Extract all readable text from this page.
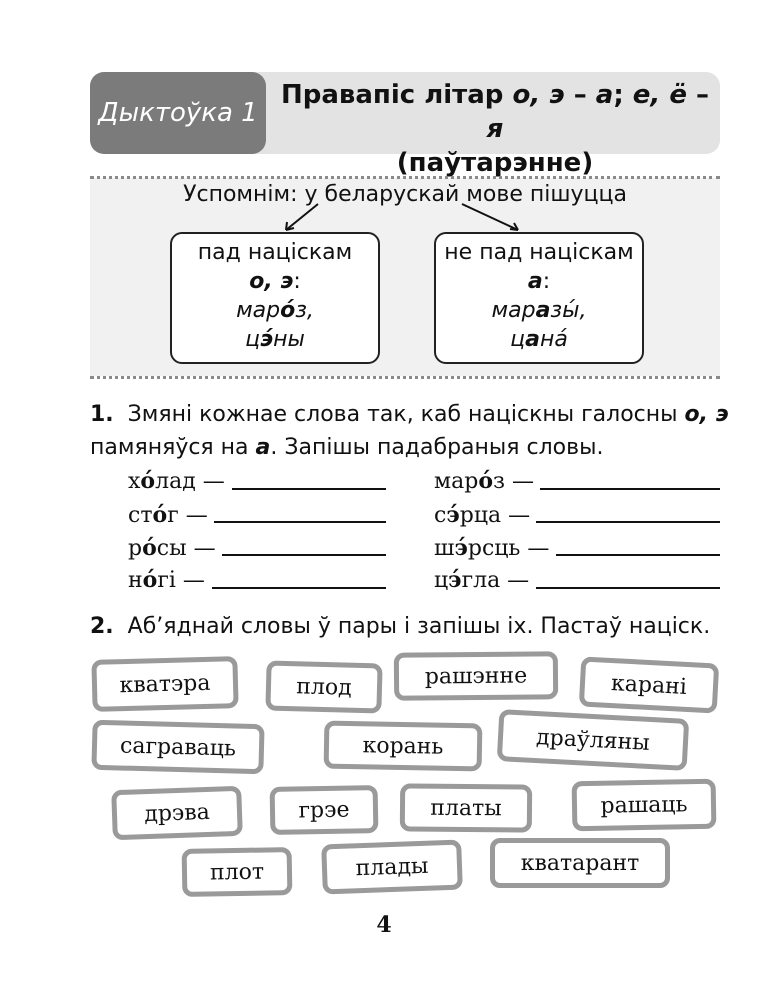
Дыктоўка 1
Правапіс літар о, э – а; е, ё – я
(паўтарэнне)
Успомнім: у беларускай мове пішуцца
пад націскам
о, э:
маро́з,
цэ́ны
не пад націскам
а:
маразы́,
цана́
1. Змяні кожнае слова так, каб націскны галосны о, э
памяняўся на а. Запішы падабраныя словы.
хо́лад —
сто́г —
ро́сы —
но́гі —
маро́з —
сэ́рца —
шэ́рсць —
цэ́гла —
2. Аб’яднай словы ў пары і запішы іх. Пастаў націск.
кватэра	плод	рашэнне	карані
саграваць	корань	драўляны
дрэва	грэе	платы	рашаць
плот	плады	кватарант
4
